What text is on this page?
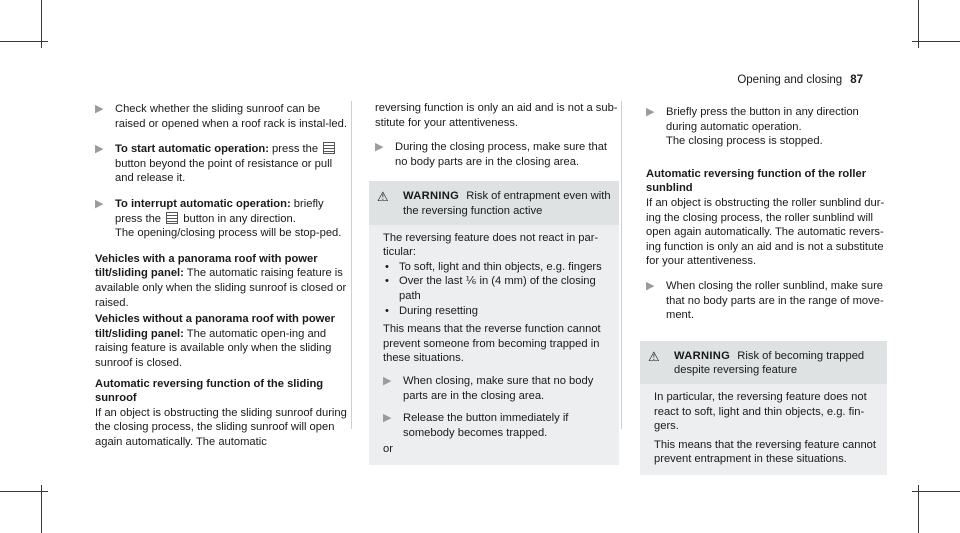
Opening and closing 87
▶ Check whether the sliding sunroof can be raised or opened when a roof rack is instal-led.
▶ To start automatic operation: press the  button beyond the point of resistance or pull and release it.
▶ To interrupt automatic operation: briefly press the  button in any direction.
The opening/closing process will be stop-ped.

Vehicles with a panorama roof with power tilt/sliding panel: The automatic raising feature is available only when the sliding sunroof is closed or raised.

Vehicles without a panorama roof with power tilt/sliding panel: The automatic open-ing and raising feature is available only when the sliding sunroof is closed.

Automatic reversing function of the sliding sunroof

If an object is obstructing the sliding sunroof during the closing process, the sliding sunroof will open again automatically. The automatic

reversing function is only an aid and is not a sub-stitute for your attentiveness.

▶ During the closing process, make sure that no body parts are in the closing area.
⚠	WARNING Risk of entrapment even with the reversing function active
The reversing feature does not react in par-ticular:
• To soft, light and thin objects, e.g. fingers
• Over the last ⅙ in (4 mm) of the closing path
• During resetting
This means that the reverse function cannot prevent someone from becoming trapped in these situations.
▶ When closing, make sure that no body parts are in the closing area.
▶ Release the button immediately if somebody becomes trapped.
or
▶ Briefly press the button in any direction during automatic operation.
The closing process is stopped.
Automatic reversing function of the roller sunblind

If an object is obstructing the roller sunblind dur-ing the closing process, the roller sunblind will open again automatically. The automatic revers-ing function is only an aid and is not a substitute for your attentiveness.

▶ When closing the roller sunblind, make sure that no body parts are in the range of move-ment.
⚠	WARNING Risk of becoming trapped despite reversing feature
In particular, the reversing feature does not react to soft, light and thin objects, e.g. fin-gers.
This means that the reversing feature cannot prevent entrapment in these situations.
